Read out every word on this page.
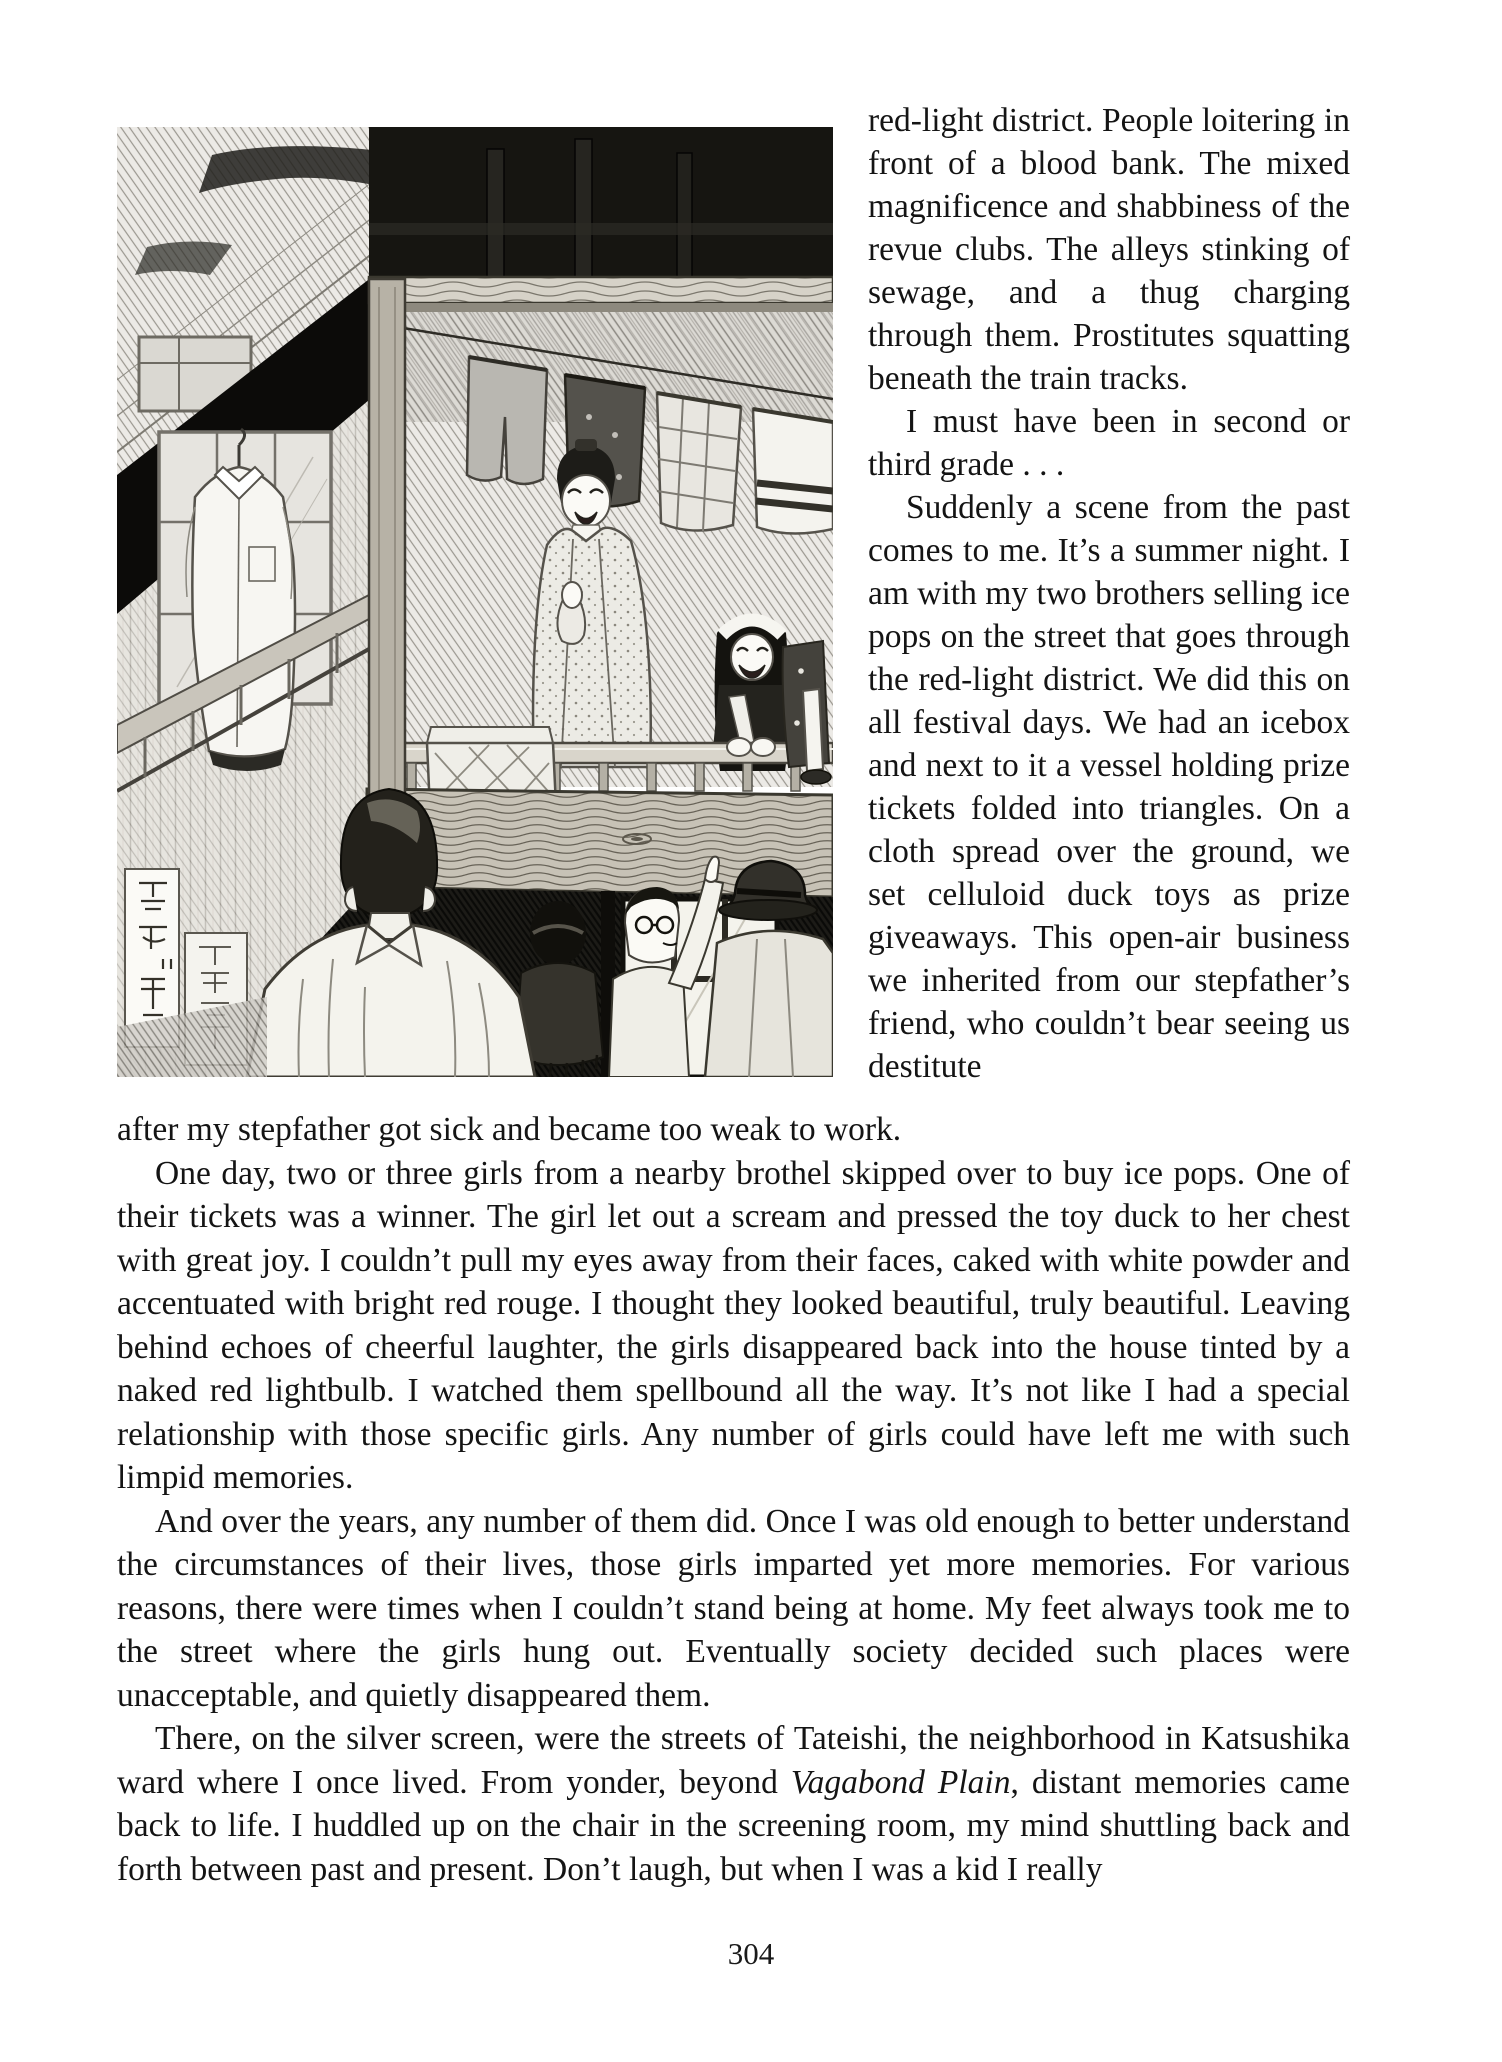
red-light district. People loitering in front of a blood bank. The mixed magnificence and shabbiness of the revue clubs. The alleys stinking of sewage, and a thug charging through them. Prostitutes squatting beneath the train tracks.

I must have been in second or third grade . . .

Suddenly a scene from the past comes to me. It’s a summer night. I am with my two brothers selling ice pops on the street that goes through the red-light district. We did this on all festival days. We had an icebox and next to it a vessel holding prize tickets folded into triangles. On a cloth spread over the ground, we set celluloid duck toys as prize giveaways. This open-air business we inherited from our stepfather’s friend, who couldn’t bear seeing us destitute

after my stepfather got sick and became too weak to work.

One day, two or three girls from a nearby brothel skipped over to buy ice pops. One of their tickets was a winner. The girl let out a scream and pressed the toy duck to her chest with great joy. I couldn’t pull my eyes away from their faces, caked with white powder and accentuated with bright red rouge. I thought they looked beautiful, truly beautiful. Leaving behind echoes of cheerful laughter, the girls disappeared back into the house tinted by a naked red lightbulb. I watched them spellbound all the way. It’s not like I had a special relationship with those specific girls. Any number of girls could have left me with such limpid memories.

And over the years, any number of them did. Once I was old enough to better understand the circumstances of their lives, those girls imparted yet more memories. For various reasons, there were times when I couldn’t stand being at home. My feet always took me to the street where the girls hung out. Eventually society decided such places were unacceptable, and quietly disappeared them.

There, on the silver screen, were the streets of Tateishi, the neighborhood in Katsushika ward where I once lived. From yonder, beyond Vagabond Plain, distant memories came back to life. I huddled up on the chair in the screening room, my mind shuttling back and forth between past and present. Don’t laugh, but when I was a kid I really

304
